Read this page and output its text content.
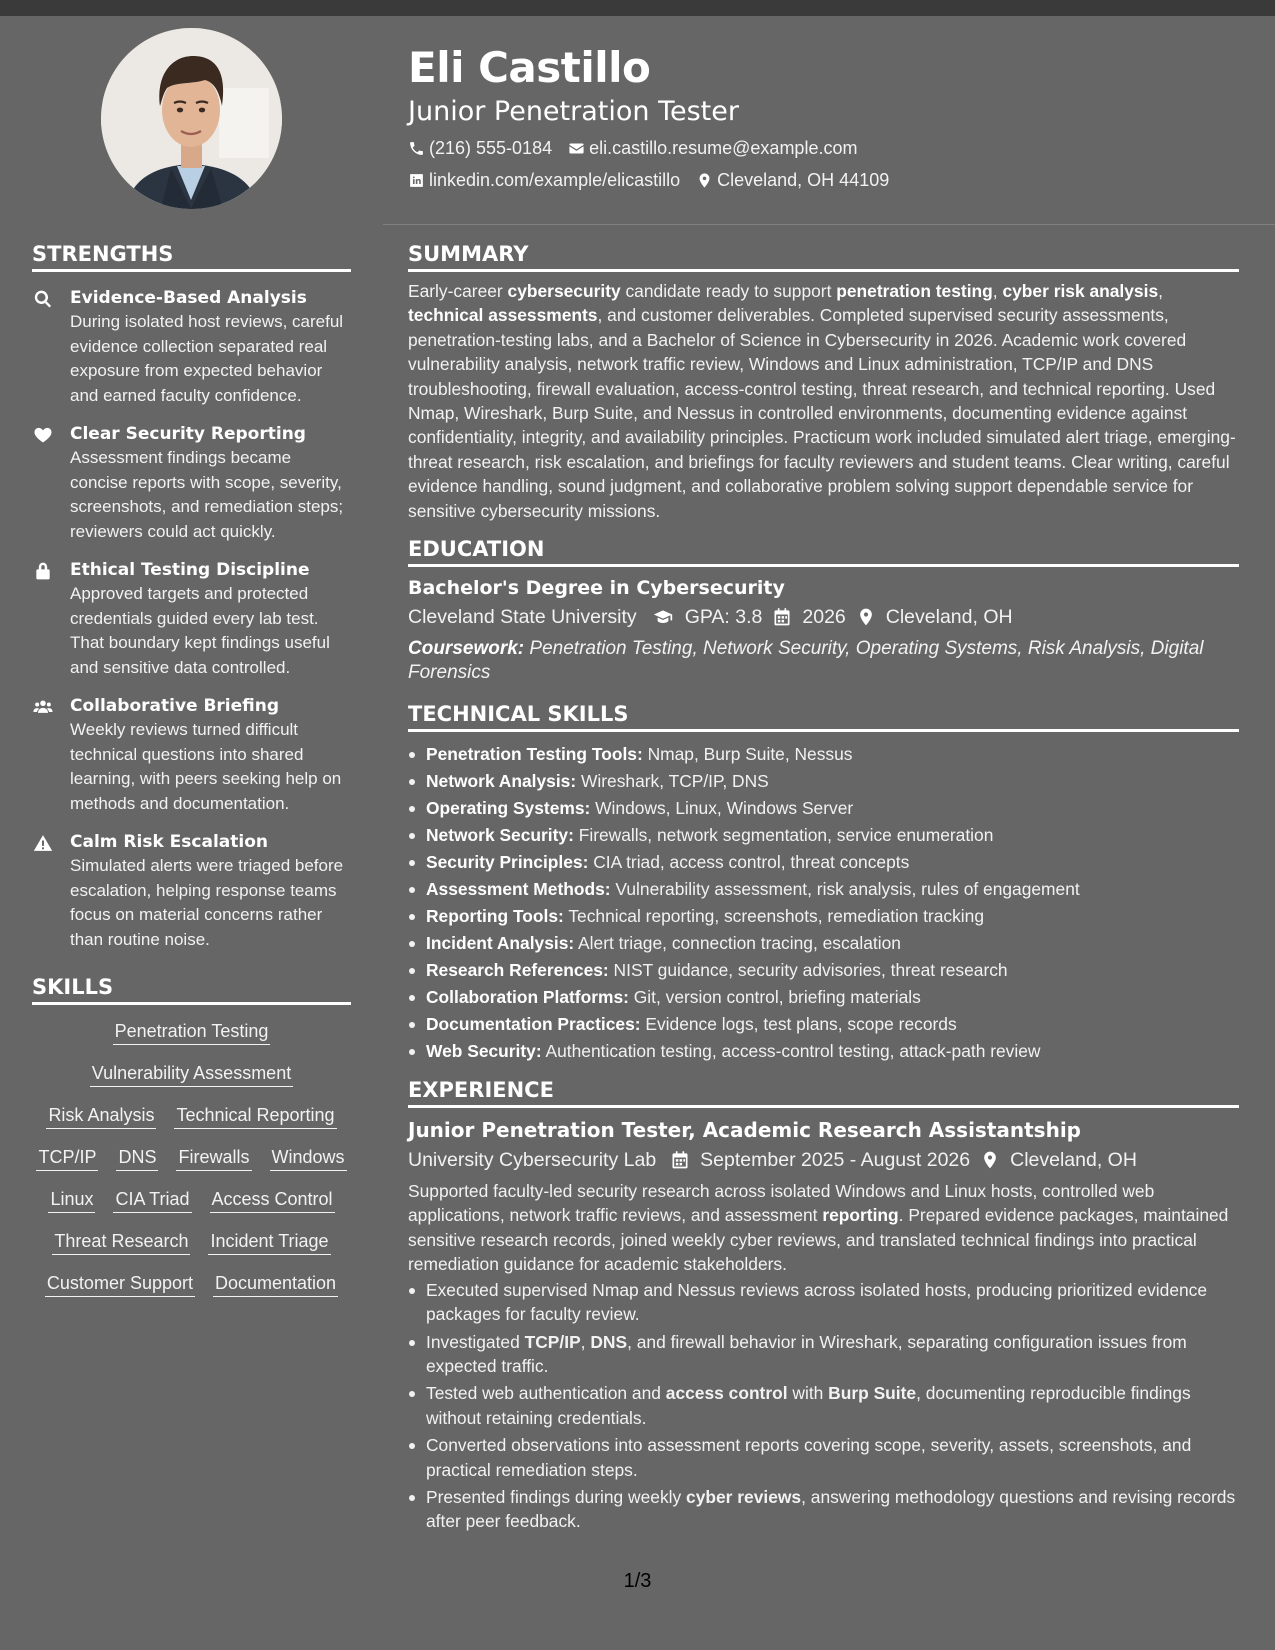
Eli Castillo
Junior Penetration Tester
(216) 555-0184 eli.castillo.resume@example.com
linkedin.com/example/elicastillo Cleveland, OH 44109
STRENGTHS
Evidence-Based Analysis
During isolated host reviews, careful evidence collection separated real exposure from expected behavior and earned faculty confidence.
Clear Security Reporting
Assessment findings became concise reports with scope, severity, screenshots, and remediation steps; reviewers could act quickly.
Ethical Testing Discipline
Approved targets and protected credentials guided every lab test. That boundary kept findings useful and sensitive data controlled.
Collaborative Briefing
Weekly reviews turned difficult technical questions into shared learning, with peers seeking help on methods and documentation.
Calm Risk Escalation
Simulated alerts were triaged before escalation, helping response teams focus on material concerns rather than routine noise.
SKILLS
Penetration Testing
Vulnerability Assessment
Risk Analysis Technical Reporting
TCP/IP DNS Firewalls Windows
Linux CIA Triad Access Control
Threat Research Incident Triage
Customer Support Documentation
SUMMARY
Early-career cybersecurity candidate ready to support penetration testing, cyber risk analysis, technical assessments, and customer deliverables. Completed supervised security assessments, penetration-testing labs, and a Bachelor of Science in Cybersecurity in 2026. Academic work covered vulnerability analysis, network traffic review, Windows and Linux administration, TCP/IP and DNS troubleshooting, firewall evaluation, access-control testing, threat research, and technical reporting. Used Nmap, Wireshark, Burp Suite, and Nessus in controlled environments, documenting evidence against confidentiality, integrity, and availability principles. Practicum work included simulated alert triage, emerging-threat research, risk escalation, and briefings for faculty reviewers and student teams. Clear writing, careful evidence handling, sound judgment, and collaborative problem solving support dependable service for sensitive cybersecurity missions.
EDUCATION
Bachelor's Degree in Cybersecurity
Cleveland State University GPA: 3.8 2026 Cleveland, OH
Coursework: Penetration Testing, Network Security, Operating Systems, Risk Analysis, Digital Forensics
TECHNICAL SKILLS
Penetration Testing Tools: Nmap, Burp Suite, Nessus
Network Analysis: Wireshark, TCP/IP, DNS
Operating Systems: Windows, Linux, Windows Server
Network Security: Firewalls, network segmentation, service enumeration
Security Principles: CIA triad, access control, threat concepts
Assessment Methods: Vulnerability assessment, risk analysis, rules of engagement
Reporting Tools: Technical reporting, screenshots, remediation tracking
Incident Analysis: Alert triage, connection tracing, escalation
Research References: NIST guidance, security advisories, threat research
Collaboration Platforms: Git, version control, briefing materials
Documentation Practices: Evidence logs, test plans, scope records
Web Security: Authentication testing, access-control testing, attack-path review
EXPERIENCE
Junior Penetration Tester, Academic Research Assistantship
University Cybersecurity Lab September 2025 - August 2026 Cleveland, OH
Supported faculty-led security research across isolated Windows and Linux hosts, controlled web applications, network traffic reviews, and assessment reporting. Prepared evidence packages, maintained sensitive research records, joined weekly cyber reviews, and translated technical findings into practical remediation guidance for academic stakeholders.
Executed supervised Nmap and Nessus reviews across isolated hosts, producing prioritized evidence packages for faculty review.
Investigated TCP/IP, DNS, and firewall behavior in Wireshark, separating configuration issues from expected traffic.
Tested web authentication and access control with Burp Suite, documenting reproducible findings without retaining credentials.
Converted observations into assessment reports covering scope, severity, assets, screenshots, and practical remediation steps.
Presented findings during weekly cyber reviews, answering methodology questions and revising records after peer feedback.
1/3
